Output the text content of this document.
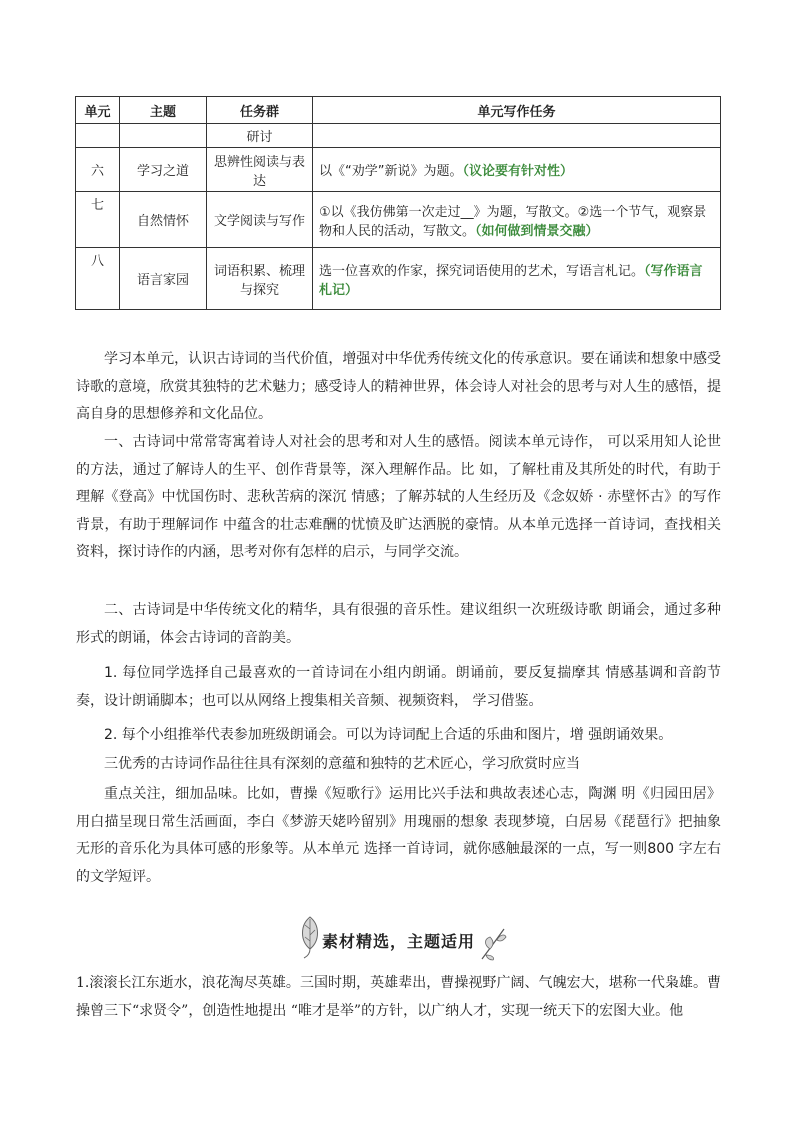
单元	主题	任务群	单元写作任务
		研讨	
六	学习之道	思辨性阅读与表达	以《“劝学”新说》为题。（议论要有针对性）
七	自然情怀	文学阅读与写作	①以《我仿佛第一次走过__》为题，写散文。②选一个节气，观察景物和人民的活动，写散文。（如何做到情景交融）
八	语言家园	词语积累、梳理与探究	选一位喜欢的作家，探究词语使用的艺术，写语言札记。（写作语言札记）
学习本单元，认识古诗词的当代价值，增强对中华优秀传统文化的传承意识。要在诵读和想象中感受诗歌的意境，欣赏其独特的艺术魅力；感受诗人的精神世界，体会诗人对社会的思考与对人生的感悟，提高自身的思想修养和文化品位。
一、古诗词中常常寄寓着诗人对社会的思考和对人生的感悟。阅读本单元诗作， 可以采用知人论世的方法，通过了解诗人的生平、创作背景等，深入理解作品。比 如，了解杜甫及其所处的时代，有助于理解《登高》中忧国伤时、悲秋苦病的深沉 情感；了解苏轼的人生经历及《念奴娇 · 赤壁怀古》的写作背景，有助于理解词作 中蕴含的壮志难酬的忧愤及旷达洒脱的豪情。从本单元选择一首诗词，查找相关资料，探讨诗作的内涵，思考对你有怎样的启示，与同学交流。
二、古诗词是中华传统文化的精华，具有很强的音乐性。建议组织一次班级诗歌 朗诵会，通过多种形式的朗诵，体会古诗词的音韵美。
1. 每位同学选择自己最喜欢的一首诗词在小组内朗诵。朗诵前，要反复揣摩其 情感基调和音韵节奏，设计朗诵脚本；也可以从网络上搜集相关音频、视频资料， 学习借鉴。
2. 每个小组推举代表参加班级朗诵会。可以为诗词配上合适的乐曲和图片，增 强朗诵效果。
三优秀的古诗词作品往往具有深刻的意蕴和独特的艺术匠心，学习欣赏时应当
重点关注，细加品味。比如，曹操《短歌行》运用比兴手法和典故表述心志，陶渊 明《归园田居》用白描呈现日常生活画面，李白《梦游天姥吟留别》用瑰丽的想象 表现梦境，白居易《琵琶行》把抽象无形的音乐化为具体可感的形象等。从本单元 选择一首诗词，就你感触最深的一点，写一则800 字左右的文学短评。
素材精选，主题适用
1.滚滚长江东逝水，浪花淘尽英雄。三国时期，英雄辈出，曹操视野广阔、气魄宏大，堪称一代枭雄。曹操曾三下“求贤令”，创造性地提出 “唯才是举”的方针，以广纳人才，实现一统天下的宏图大业。他
